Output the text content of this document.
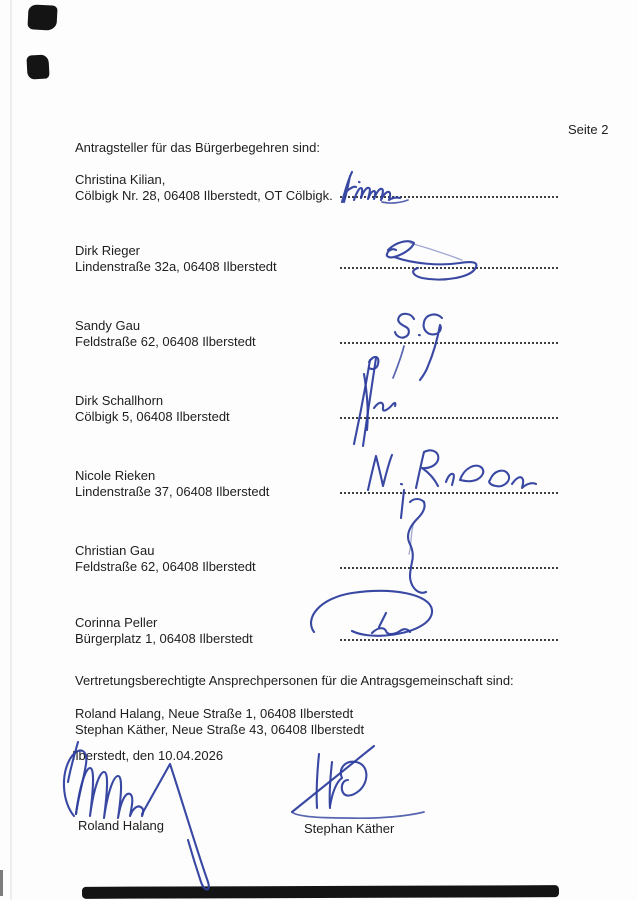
Seite 2
Antragsteller für das Bürgerbegehren sind:
Christina Kilian,
Cölbigk Nr. 28, 06408 Ilberstedt, OT Cölbigk.
Dirk Rieger
Lindenstraße 32a, 06408 Ilberstedt
Sandy Gau
Feldstraße 62, 06408 Ilberstedt
Dirk Schallhorn
Cölbigk 5, 06408 Ilberstedt
Nicole Rieken
Lindenstraße 37, 06408 Ilberstedt
Christian Gau
Feldstraße 62, 06408 Ilberstedt
Corinna Peller
Bürgerplatz 1, 06408 Ilberstedt
Vertretungsberechtigte Ansprechpersonen für die Antragsgemeinschaft sind:
Roland Halang, Neue Straße 1, 06408 Ilberstedt
Stephan Käther, Neue Straße 43, 06408 Ilberstedt
Ilberstedt, den 10.04.2026
Roland Halang	Stephan Käther
